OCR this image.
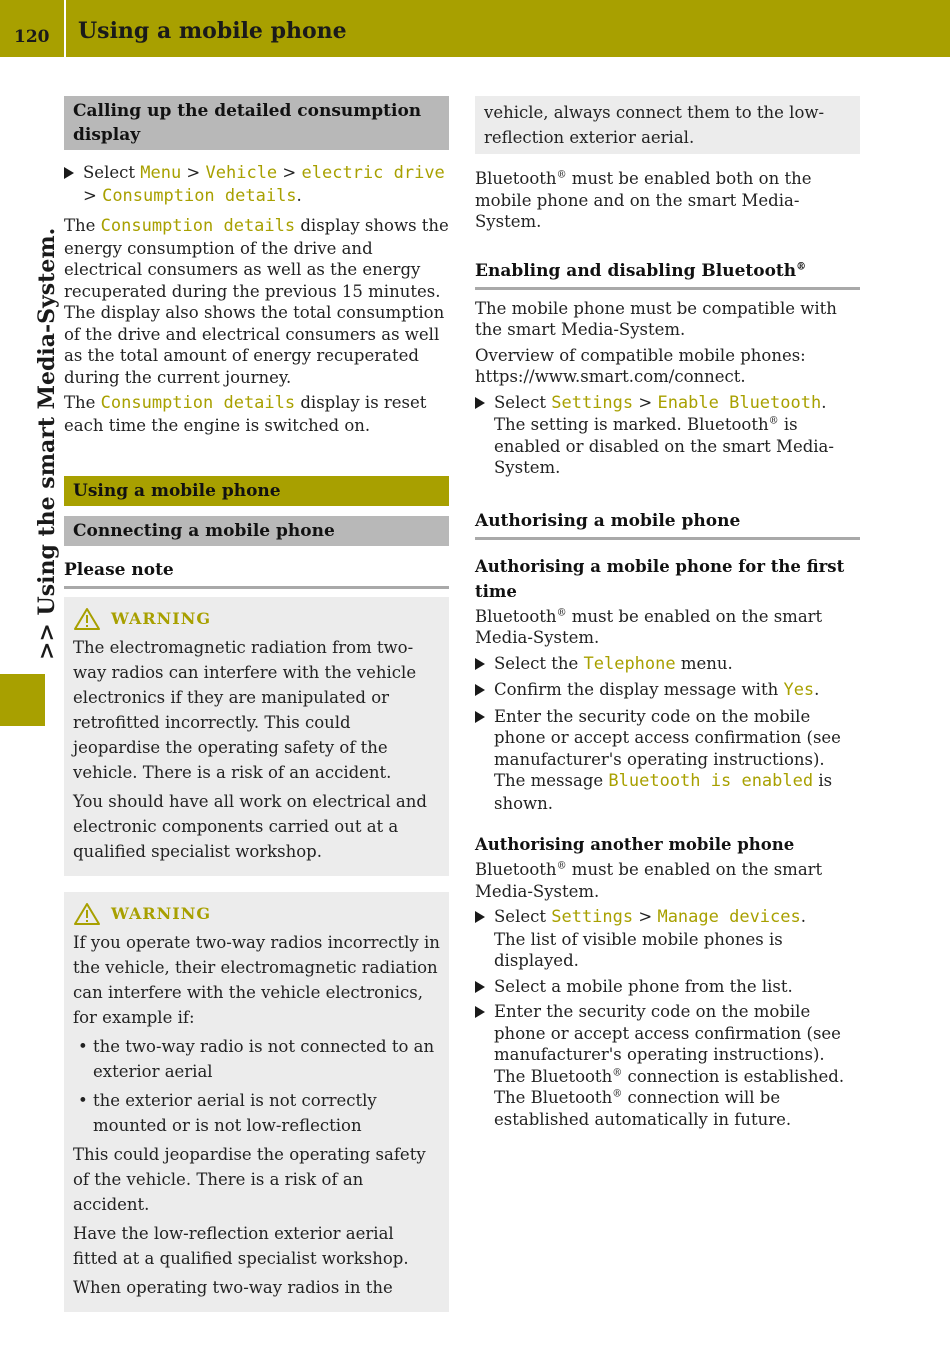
120 Using a mobile phone
>> Using the smart Media-System.
Calling up the detailed consumption display
Select Menu > Vehicle > electric drive > Consumption details.

The Consumption details display shows the energy consumption of the drive and electrical consumers as well as the energy recuperated during the previous 15 minutes. The display also shows the total consumption of the drive and electrical consumers as well as the total amount of energy recuperated during the current journey.

The Consumption details display is reset each time the engine is switched on.

Using a mobile phone
Connecting a mobile phone
Please note
WARNING

The electromagnetic radiation from two-way radios can interfere with the vehicle electronics if they are manipulated or retrofitted incorrectly. This could jeopardise the operating safety of the vehicle. There is a risk of an accident.

You should have all work on electrical and electronic components carried out at a qualified specialist workshop.

WARNING

If you operate two-way radios incorrectly in the vehicle, their electromagnetic radiation can interfere with the vehicle electronics, for example if:

• the two-way radio is not connected to an exterior aerial
• the exterior aerial is not correctly mounted or is not low-reflection

This could jeopardise the operating safety of the vehicle. There is a risk of an accident.

Have the low-reflection exterior aerial fitted at a qualified specialist workshop.

When operating two-way radios in the

vehicle, always connect them to the low-reflection exterior aerial.

Bluetooth® must be enabled both on the mobile phone and on the smart Media-System.

Enabling and disabling Bluetooth®

The mobile phone must be compatible with the smart Media-System.

Overview of compatible mobile phones: https://www.smart.com/connect.

Select Settings > Enable Bluetooth.
The setting is marked. Bluetooth® is enabled or disabled on the smart Media-System.
Authorising a mobile phone
Authorising a mobile phone for the first time

Bluetooth® must be enabled on the smart Media-System.

Select the Telephone menu.
Confirm the display message with Yes.
Enter the security code on the mobile phone or accept access confirmation (see manufacturer's operating instructions).
The message Bluetooth is enabled is shown.
Authorising another mobile phone

Bluetooth® must be enabled on the smart Media-System.

Select Settings > Manage devices.
The list of visible mobile phones is displayed.
Select a mobile phone from the list.
Enter the security code on the mobile phone or accept access confirmation (see manufacturer's operating instructions).
The Bluetooth® connection is established.
The Bluetooth® connection will be established automatically in future.
